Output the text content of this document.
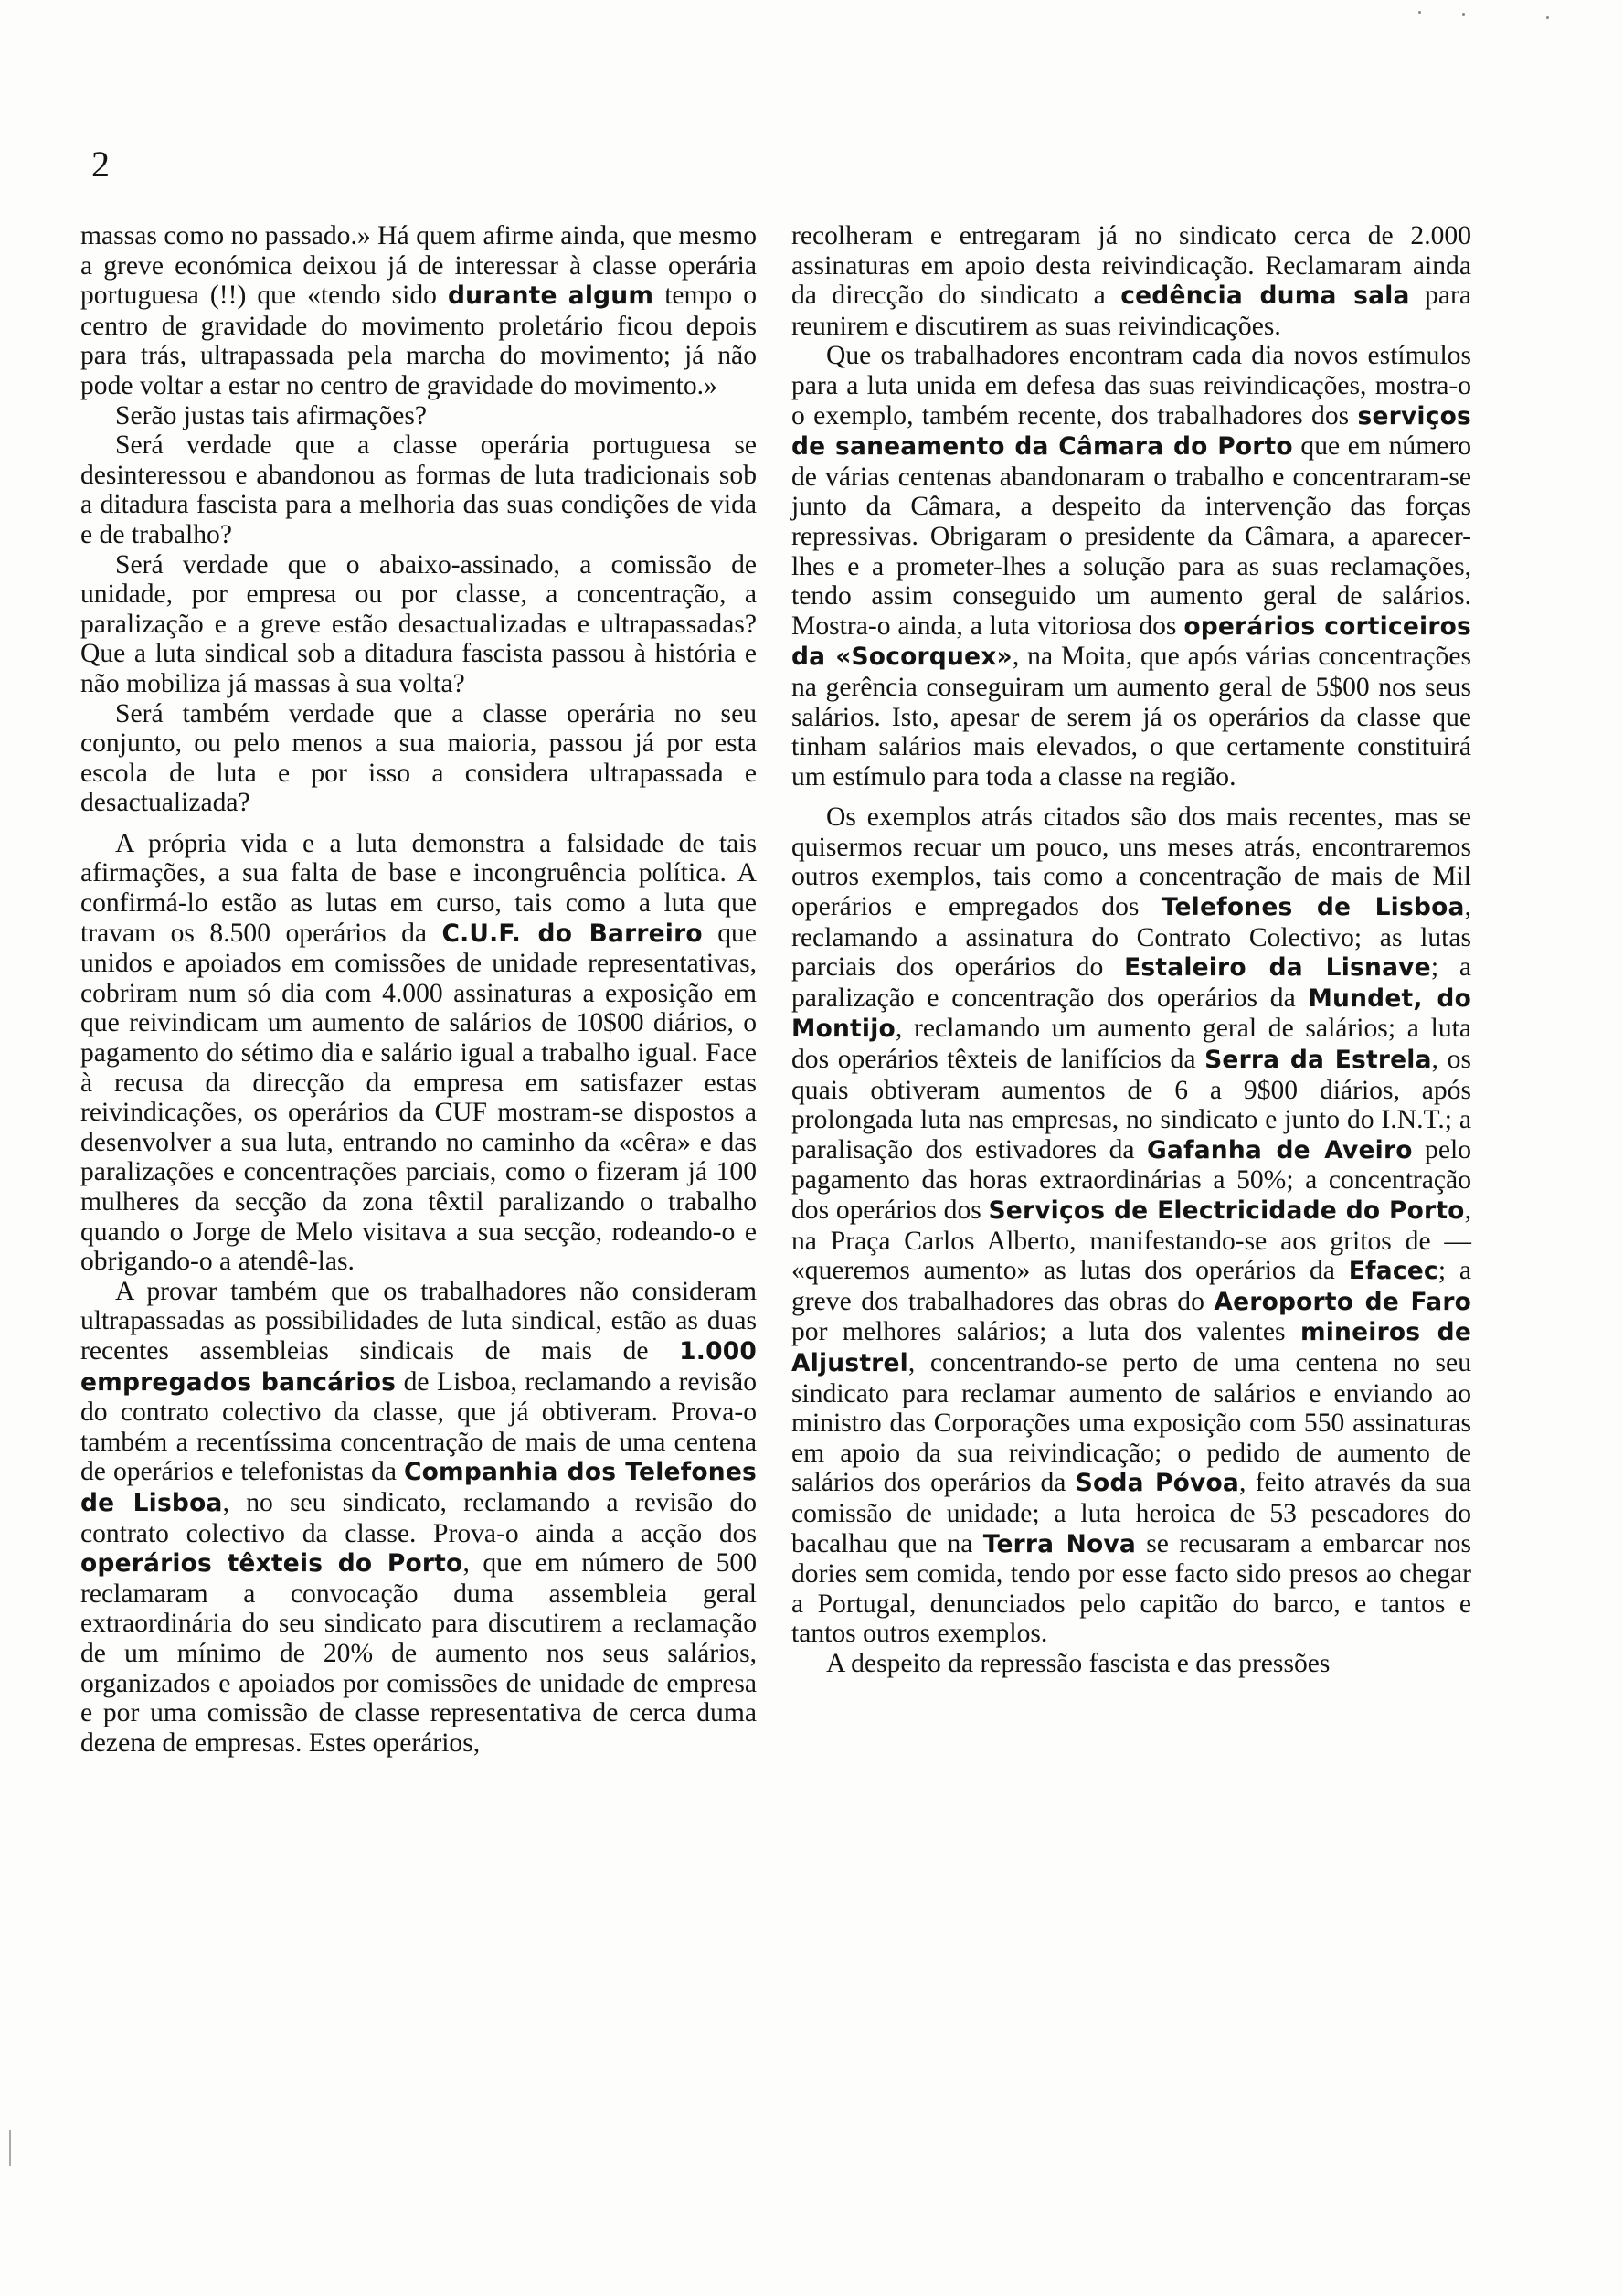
2

massas como no passado.» Há quem afirme ainda, que mesmo a greve económica deixou já de interessar à classe operária portuguesa (!!) que «tendo sido durante algum tempo o centro de gravidade do movimento proletário ficou depois para trás, ultrapassada pela marcha do movimento; já não pode voltar a estar no centro de gravidade do movimento.»

Serão justas tais afirmações?

Será verdade que a classe operária portuguesa se desinteressou e abandonou as formas de luta tradicionais sob a ditadura fascista para a melhoria das suas condições de vida e de trabalho?

Será verdade que o abaixo-assinado, a comissão de unidade, por empresa ou por classe, a concentração, a paralização e a greve estão desactualizadas e ultrapassadas? Que a luta sindical sob a ditadura fascista passou à história e não mobiliza já massas à sua volta?

Será também verdade que a classe operária no seu conjunto, ou pelo menos a sua maioria, passou já por esta escola de luta e por isso a considera ultrapassada e desactualizada?

A própria vida e a luta demonstra a falsidade de tais afirmações, a sua falta de base e incongruência política. A confirmá-lo estão as lutas em curso, tais como a luta que travam os 8.500 operários da C.U.F. do Barreiro que unidos e apoiados em comissões de unidade representativas, cobriram num só dia com 4.000 assinaturas a exposição em que reivindicam um aumento de salários de 10$00 diários, o pagamento do sétimo dia e salário igual a trabalho igual. Face à recusa da direcção da empresa em satisfazer estas reivindicações, os operários da CUF mostram-se dispostos a desenvolver a sua luta, entrando no caminho da «cêra» e das paralizações e concentrações parciais, como o fizeram já 100 mulheres da secção da zona têxtil paralizando o trabalho quando o Jorge de Melo visitava a sua secção, rodeando-o e obrigando-o a atendê-las.

A provar também que os trabalhadores não consideram ultrapassadas as possibilidades de luta sindical, estão as duas recentes assembleias sindicais de mais de 1.000 empregados bancários de Lisboa, reclamando a revisão do contrato colectivo da classe, que já obtiveram. Prova-o também a recentíssima concentração de mais de uma centena de operários e telefonistas da Companhia dos Telefones de Lisboa, no seu sindicato, reclamando a revisão do contrato colectivo da classe. Prova-o ainda a acção dos operários têxteis do Porto, que em número de 500 reclamaram a convocação duma assembleia geral extraordinária do seu sindicato para discutirem a reclamação de um mínimo de 20% de aumento nos seus salários, organizados e apoiados por comissões de unidade de empresa e por uma comissão de classe representativa de cerca duma dezena de empresas. Estes operários,

recolheram e entregaram já no sindicato cerca de 2.000 assinaturas em apoio desta reivindicação. Reclamaram ainda da direcção do sindicato a cedência duma sala para reunirem e discutirem as suas reivindicações.

Que os trabalhadores encontram cada dia novos estímulos para a luta unida em defesa das suas reivindicações, mostra-o o exemplo, também recente, dos trabalhadores dos serviços de saneamento da Câmara do Porto que em número de várias centenas abandonaram o trabalho e concentraram-se junto da Câmara, a despeito da intervenção das forças repressivas. Obrigaram o presidente da Câmara, a aparecer-lhes e a prometer-lhes a solução para as suas reclamações, tendo assim conseguido um aumento geral de salários. Mostra-o ainda, a luta vitoriosa dos operários corticeiros da «Socorquex», na Moita, que após várias concentrações na gerência conseguiram um aumento geral de 5$00 nos seus salários. Isto, apesar de serem já os operários da classe que tinham salários mais elevados, o que certamente constituirá um estímulo para toda a classe na região.

Os exemplos atrás citados são dos mais recentes, mas se quisermos recuar um pouco, uns meses atrás, encontraremos outros exemplos, tais como a concentração de mais de Mil operários e empregados dos Telefones de Lisboa, reclamando a assinatura do Contrato Colectivo; as lutas parciais dos operários do Estaleiro da Lisnave; a paralização e concentração dos operários da Mundet, do Montijo, reclamando um aumento geral de salários; a luta dos operários têxteis de lanifícios da Serra da Estrela, os quais obtiveram aumentos de 6 a 9$00 diários, após prolongada luta nas empresas, no sindicato e junto do I.N.T.; a paralisação dos estivadores da Gafanha de Aveiro pelo pagamento das horas extraordinárias a 50%; a concentração dos operários dos Serviços de Electricidade do Porto, na Praça Carlos Alberto, manifestando-se aos gritos de — «queremos aumento» as lutas dos operários da Efacec; a greve dos trabalhadores das obras do Aeroporto de Faro por melhores salários; a luta dos valentes mineiros de Aljustrel, concentrando-se perto de uma centena no seu sindicato para reclamar aumento de salários e enviando ao ministro das Corporações uma exposição com 550 assinaturas em apoio da sua reivindicação; o pedido de aumento de salários dos operários da Soda Póvoa, feito através da sua comissão de unidade; a luta heroica de 53 pescadores do bacalhau que na Terra Nova se recusaram a embarcar nos dories sem comida, tendo por esse facto sido presos ao chegar a Portugal, denunciados pelo capitão do barco, e tantos e tantos outros exemplos.

A despeito da repressão fascista e das pressões
